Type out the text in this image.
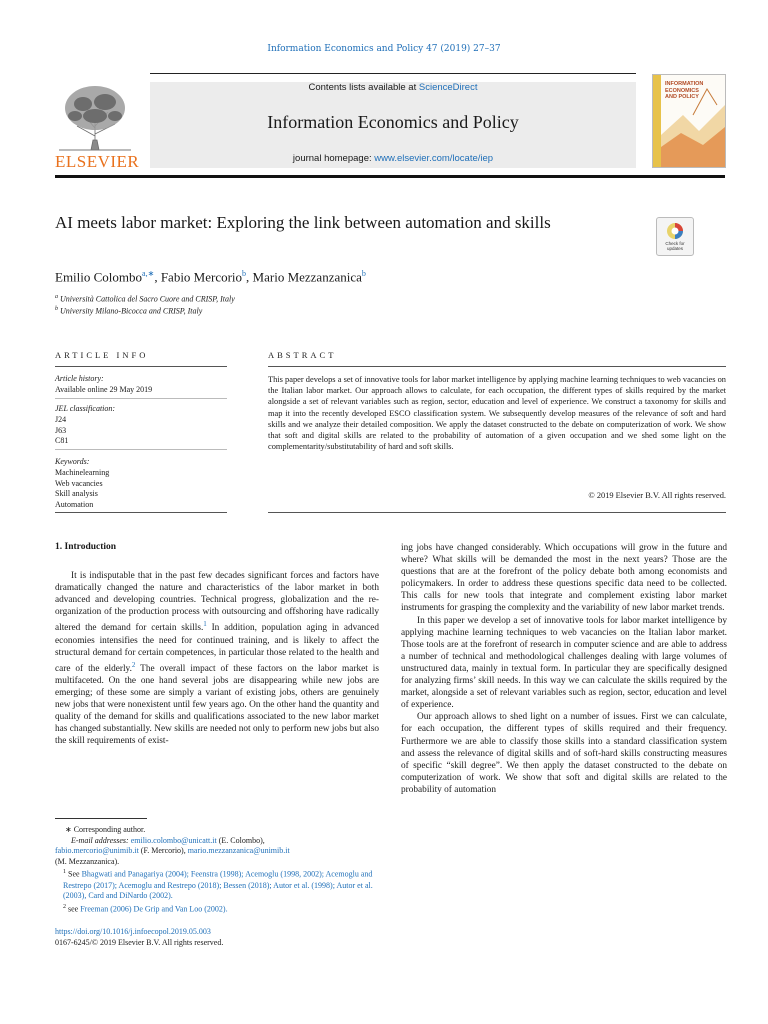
Information Economics and Policy 47 (2019) 27–37
ELSEVIER
Contents lists available at ScienceDirect
Information Economics and Policy
journal homepage: www.elsevier.com/locate/iep
INFORMATION
ECONOMICS
AND POLICY
AI meets labor market: Exploring the link between automation and skills
Check for updates
Emilio Colombo$^{a,∗}$, Fabio Mercorio$^b$, Mario Mezzanzanica$^b$
$^a$ Università Cattolica del Sacro Cuore and CRISP, Italy
$^b$ University Milano-Bicocca and CRISP, Italy
ARTICLE INFO
Article history:
Available online 29 May 2019
JEL classification:
J24
J63
C81
Keywords:
Machinelearning
Web vacancies
Skill analysis
Automation
ABSTRACT
This paper develops a set of innovative tools for labor market intelligence by applying machine learning techniques to web vacancies on the Italian labor market. Our approach allows to calculate, for each occupation, the different types of skills required by the market alongside a set of relevant variables such as region, sector, education and level of experience. We construct a taxonomy for skills and map it into the recently developed ESCO classification system. We subsequently develop measures of the relevance of soft and hard skills and we analyze their detailed composition. We apply the dataset constructed to the debate on computerization of work. We show that soft and digital skills are related to the probability of automation of a given occupation and we shed some light on the complementarity/substitutability of hard and soft skills.
© 2019 Elsevier B.V. All rights reserved.
1. Introduction

It is indisputable that in the past few decades significant forces and factors have dramatically changed the nature and characteristics of the labor market in both advanced and developing countries. Technical progress, globalization and the re-organization of the production process with outsourcing and offshoring have radically altered the demand for certain skills.$^1$ In addition, population aging in advanced economies intensifies the need for continued training, and is likely to affect the structural demand for certain competences, in particular those related to the health and care of the elderly.$^2$ The overall impact of these factors on the labor market is multifaceted. On the one hand several jobs are disappearing while new jobs are emerging; of these some are simply a variant of existing jobs, others are genuinely new jobs that were nonexistent until few years ago. On the other hand the quantity and quality of the demand for skills and qualifications associated to the new labor market has changed substantially. New skills are needed not only to perform new jobs but also the skill requirements of exist-

ing jobs have changed considerably. Which occupations will grow in the future and where? What skills will be demanded the most in the next years? Those are the questions that are at the forefront of the policy debate both among economists and policymakers. In order to address these questions specific data need to be collected. This calls for new tools that integrate and complement existing labor market instruments for grasping the complexity and the variability of new labor market trends.

In this paper we develop a set of innovative tools for labor market intelligence by applying machine learning techniques to web vacancies on the Italian labor market. Those tools are at the forefront of research in computer science and are able to address a number of technical and methodological challenges dealing with large volumes of unstructured data, mainly in textual form. In particular they are specifically designed for analyzing firms’ skill needs. In this way we can calculate the skills required by the market, alongside a set of relevant variables such as region, sector, education and level of experience.

Our approach allows to shed light on a number of issues. First we can calculate, for each occupation, the different types of skills required and their frequency. Furthermore we are able to classify those skills into a standard classification system and assess the relevance of digital skills and of soft-hard skills constructing measures of specific “skill degree”. We then apply the dataset constructed to the debate on computerization of work. We show that soft and digital skills are related to the probability of automation

∗ Corresponding author.

E-mail addresses: emilio.colombo@unicatt.it (E. Colombo),

fabio.mercorio@unimib.it (F. Mercorio), mario.mezzanzanica@unimib.it

(M. Mezzanzanica).

$^1$ See Bhagwati and Panagariya (2004); Feenstra (1998); Acemoglu (1998, 2002); Acemoglu and Restrepo (2017); Acemoglu and Restrepo (2018); Bessen (2018); Autor et al. (1998); Autor et al. (2003), Card and DiNardo (2002).

$^2$ see Freeman (2006) De Grip and Van Loo (2002).

https://doi.org/10.1016/j.infoecopol.2019.05.003
0167-6245/© 2019 Elsevier B.V. All rights reserved.
